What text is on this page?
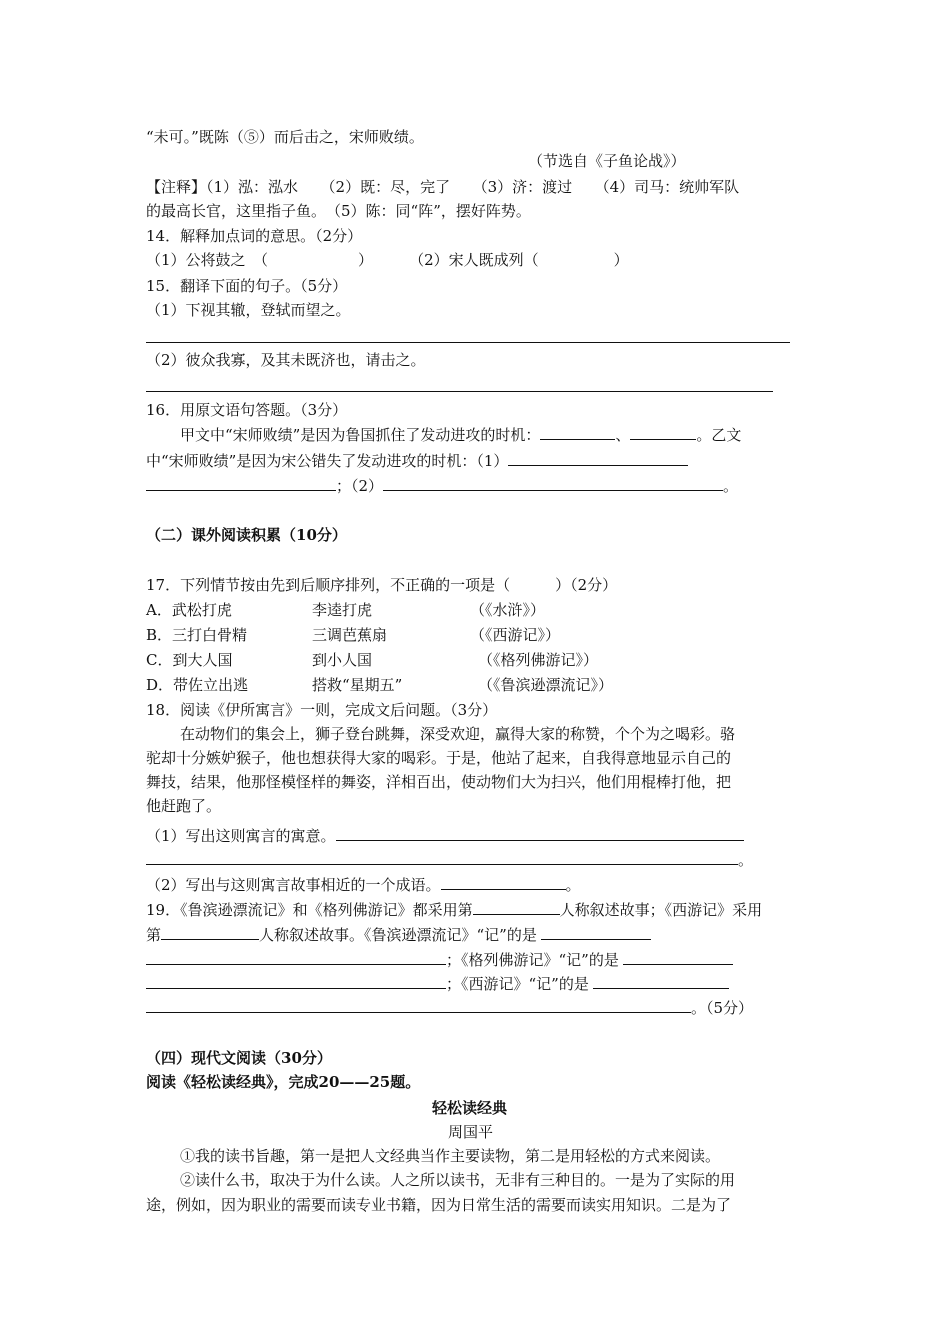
“未可。”既陈（⑤）而后击之，宋师败绩。
（节选自《子鱼论战》）
【注释】（1）泓：泓水　　（2）既：尽，完了　　（3）济：渡过　　（4）司马：统帅军队
的最高长官，这里指子鱼。　（5）陈：同“阵”，摆好阵势。
14．解释加点词的意思。（2分）
（1）公将鼓之　（　　　　　　） （2）宋人既成列（　　　　　）
15．翻译下面的句子。（5分）
（1）下视其辙，登轼而望之。
（2）彼众我寡，及其未既济也，请击之。
16．用原文语句答题。（3分）
甲文中“宋师败绩”是因为鲁国抓住了发动进攻的时机：	、	。乙文
中“宋师败绩”是因为宋公错失了发动进攻的时机：（1）
；（2）	。
（二）课外阅读积累（10分）
17．下列情节按由先到后顺序排列，不正确的一项是（　　　）（2分）
A．武松打虎	李逵打虎	（《水浒》）
B．三打白骨精	三调芭蕉扇	（《西游记》）
C．到大人国	到小人国	（《格列佛游记》）
D．带佐立出逃	搭救“星期五”	（《鲁滨逊漂流记》）
18．阅读《伊所寓言》一则，完成文后问题。（3分）
在动物们的集会上，狮子登台跳舞，深受欢迎，赢得大家的称赞，个个为之喝彩。骆
驼却十分嫉妒猴子，他也想获得大家的喝彩。于是，他站了起来，自我得意地显示自己的
舞技，结果，他那怪模怪样的舞姿，洋相百出，使动物们大为扫兴，他们用棍棒打他，把
他赶跑了。
（1）写出这则寓言的寓意。
。
（2）写出与这则寓言故事相近的一个成语。	。
19．《鲁滨逊漂流记》和《格列佛游记》都采用第	人称叙述故事；《西游记》采用
第	人称叙述故事。《鲁滨逊漂流记》“记”的是
；《格列佛游记》“记”的是
；《西游记》“记”的是
。（5分）
（四）现代文阅读（30分）
阅读《轻松读经典》，完成20——25题。
轻松读经典
周国平
①我的读书旨趣，第一是把人文经典当作主要读物，第二是用轻松的方式来阅读。
②读什么书，取决于为什么读。人之所以读书，无非有三种目的。一是为了实际的用
途，例如，因为职业的需要而读专业书籍，因为日常生活的需要而读实用知识。二是为了
